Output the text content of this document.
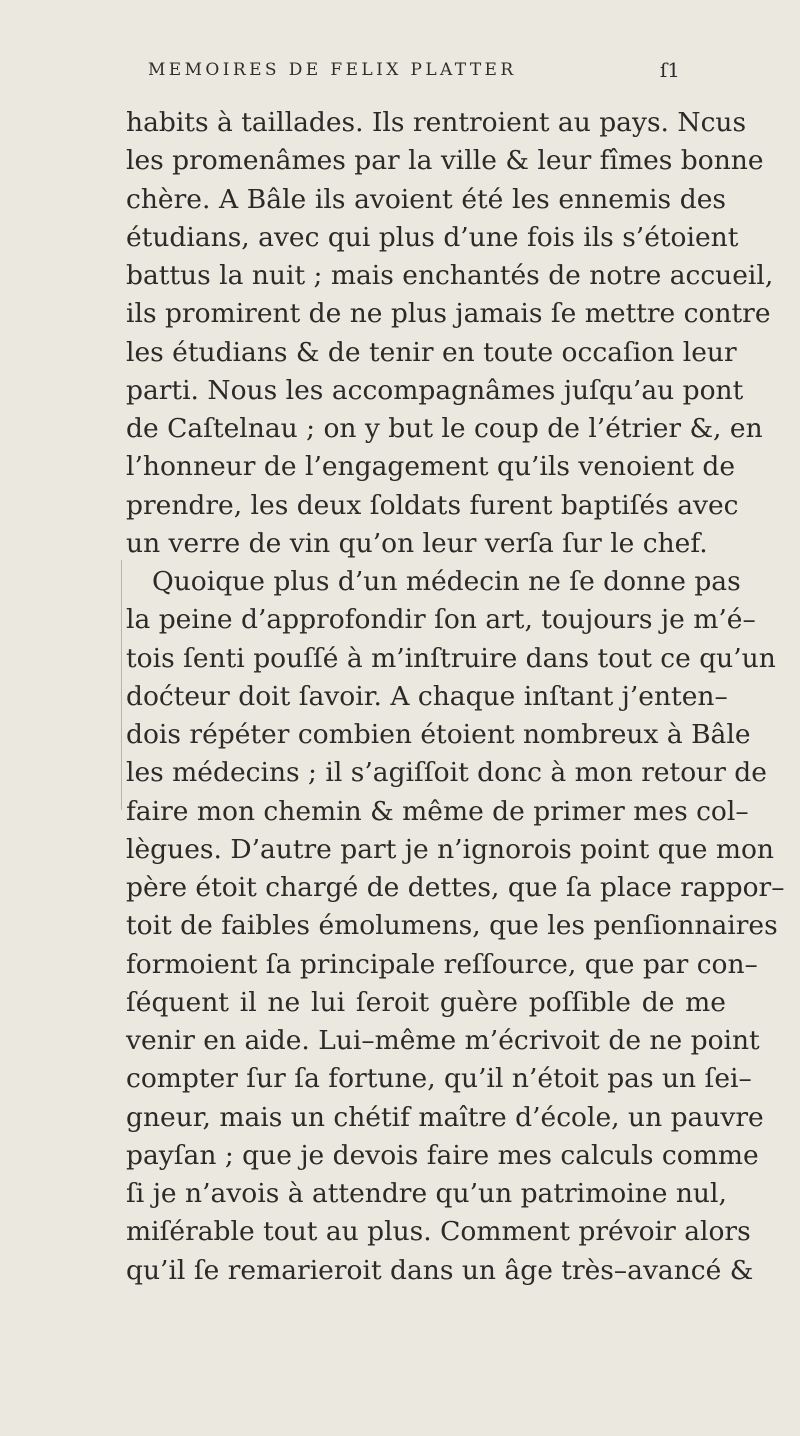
MEMOIRES DE FELIX PLATTER	ſ1
habits à taillades. Ils rentroient au pays. Ncus
les promenâmes par la ville & leur fîmes bonne
chère. A Bâle ils avoient été les ennemis des
étudians, avec qui plus d’une fois ils s’étoient
battus la nuit ; mais enchantés de notre accueil,
ils promirent de ne plus jamais ſe mettre contre
les étudians & de tenir en toute occaſion leur
parti. Nous les accompagnâmes juſqu’au pont
de Caſtelnau ; on y but le coup de l’étrier &, en
l’honneur de l’engagement qu’ils venoient de
prendre, les deux ſoldats furent baptiſés avec
un verre de vin qu’on leur verſa ſur le chef.
Quoique plus d’un médecin ne ſe donne pas
la peine d’approfondir ſon art, toujours je m’é–
tois ſenti pouſſé à m’inſtruire dans tout ce qu’un
doćteur doit ſavoir. A chaque inſtant j’enten–
dois répéter combien étoient nombreux à Bâle
les médecins ; il s’agiſſoit donc à mon retour de
faire mon chemin & même de primer mes col–
lègues. D’autre part je n’ignorois point que mon
père étoit chargé de dettes, que ſa place rappor–
toit de faibles émolumens, que les penſionnaires
formoient ſa principale reſſource, que par con–
ſéquent il ne lui ſeroit guère poſſible de me
venir en aide. Lui–même m’écrivoit de ne point
compter ſur ſa fortune, qu’il n’étoit pas un ſei–
gneur, mais un chétif maître d’école, un pauvre
payſan ; que je devois faire mes calculs comme
ſi je n’avois à attendre qu’un patrimoine nul,
miſérable tout au plus. Comment prévoir alors
qu’il ſe remarieroit dans un âge très–avancé &
